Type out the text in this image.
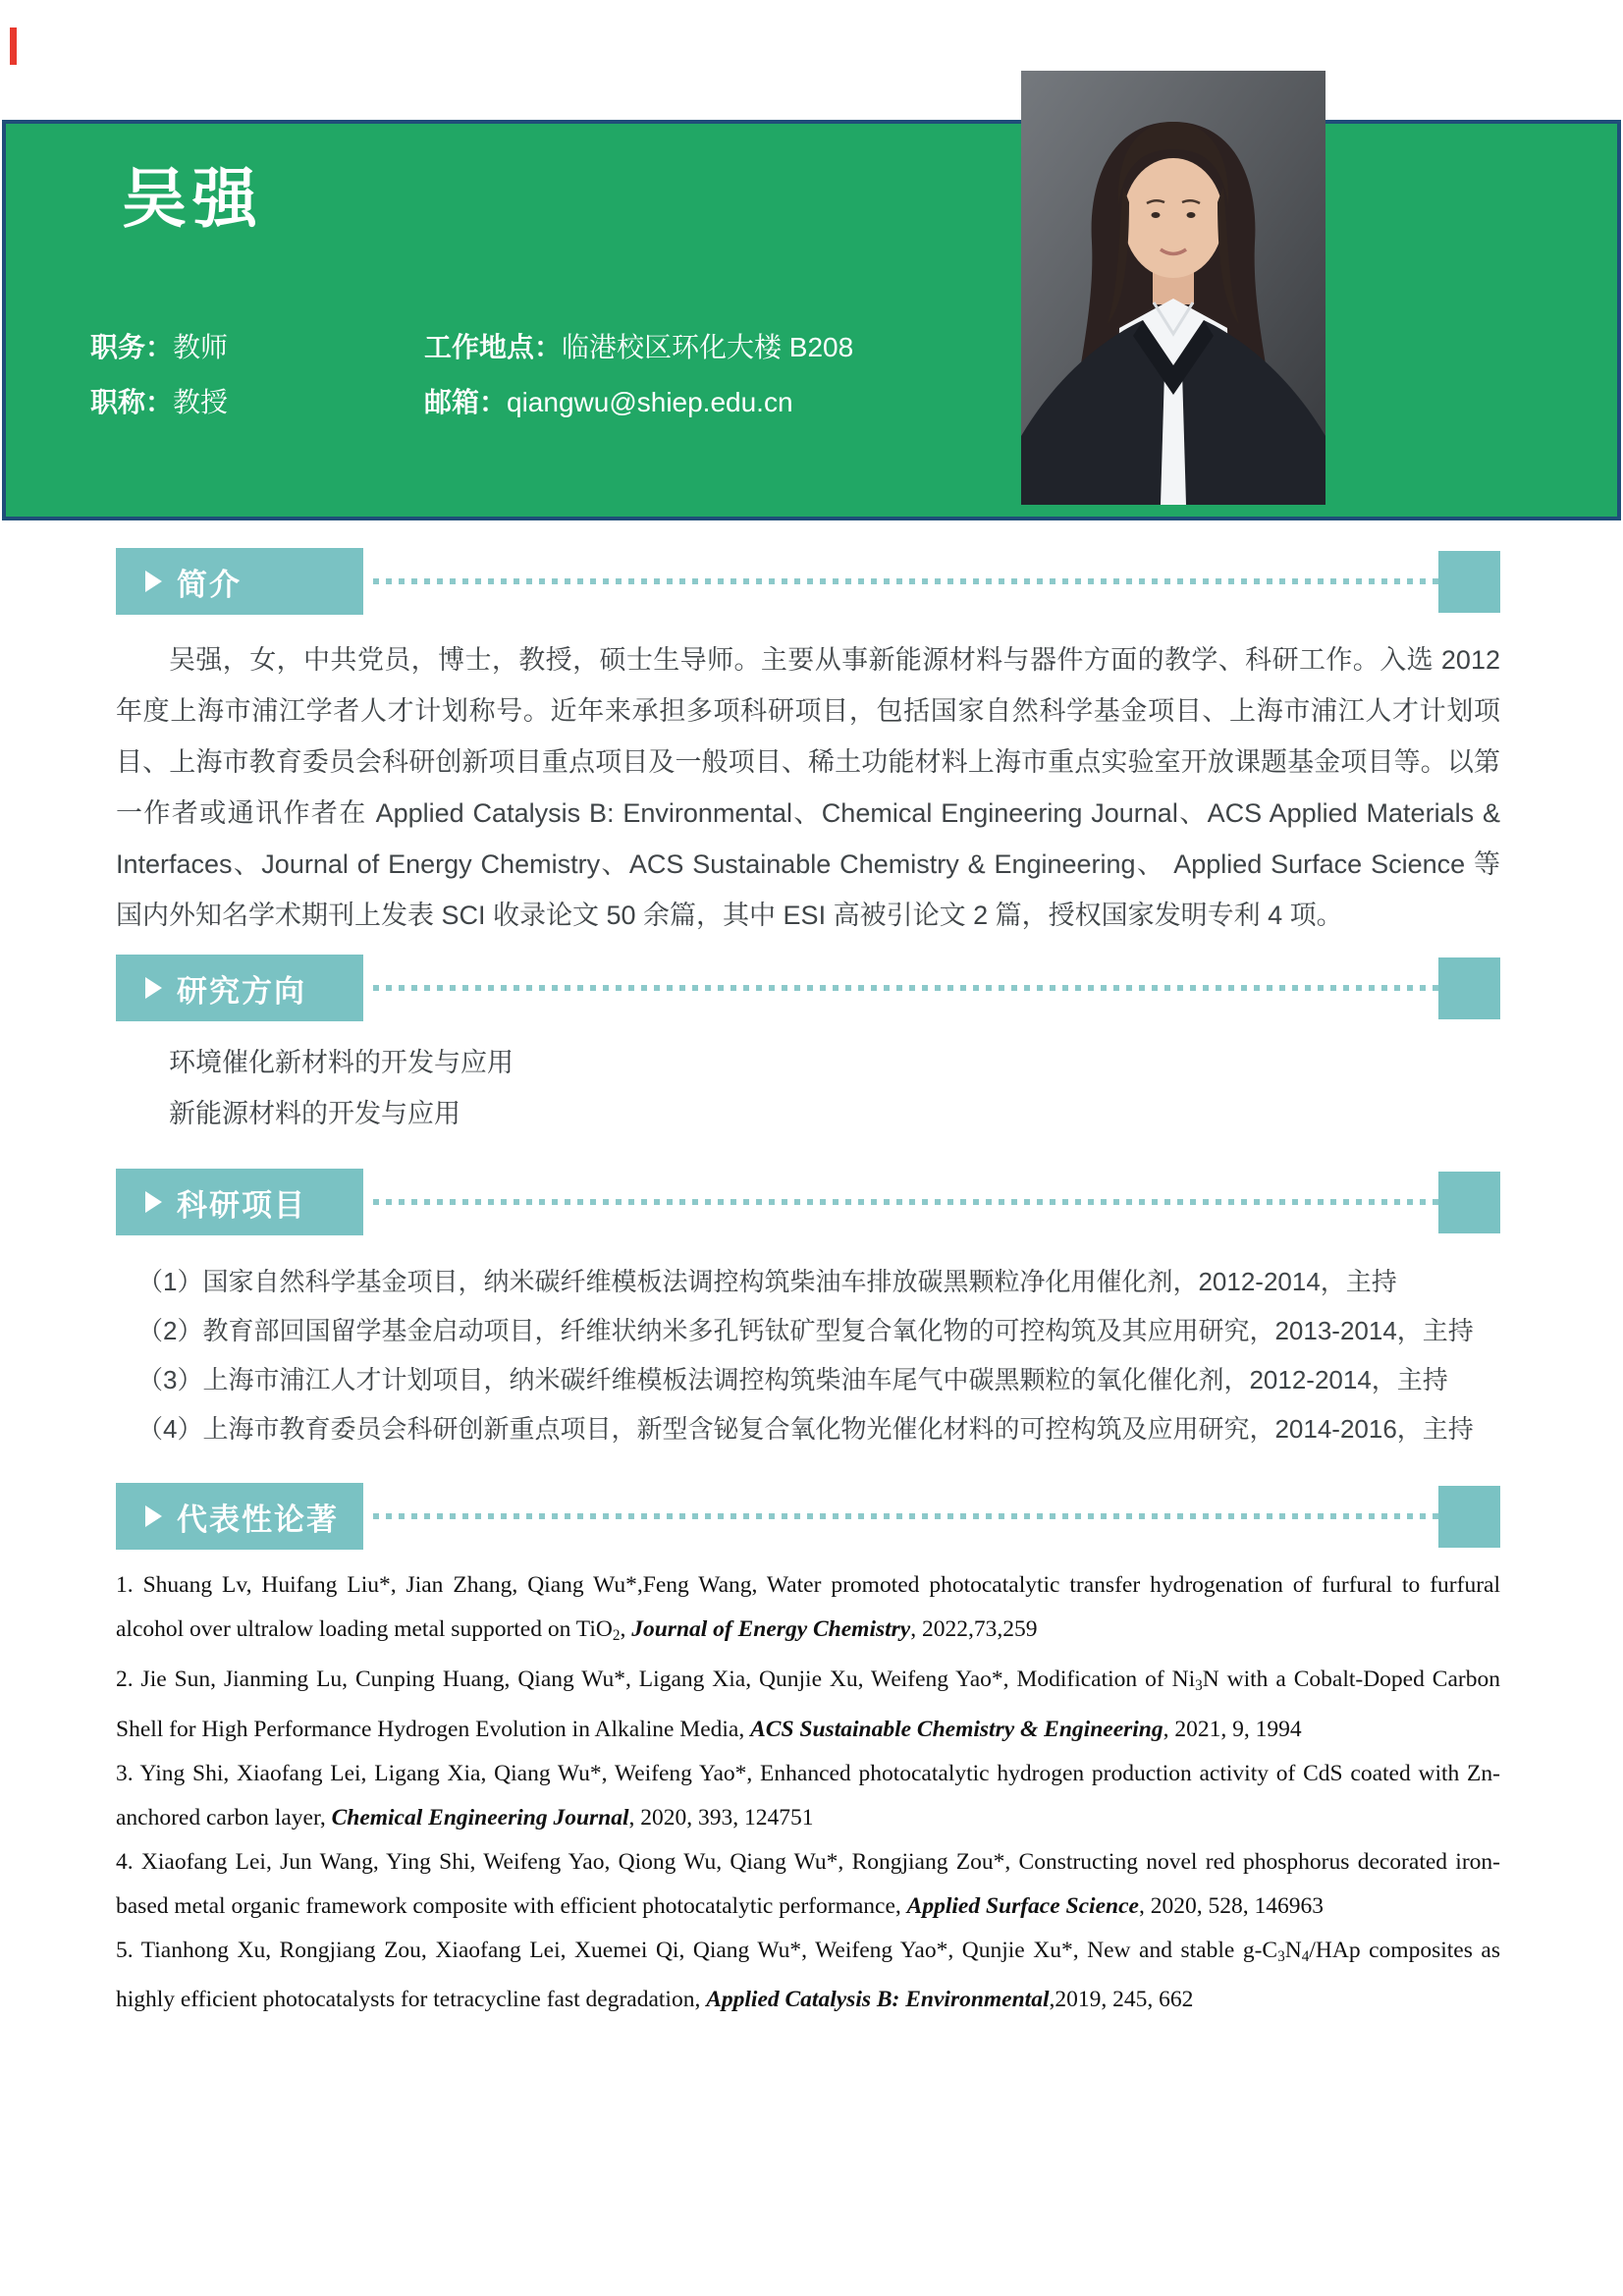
吴强
职务：教师	工作地点：临港校区环化大楼 B208
职称：教授	邮箱：qiangwu@shiep.edu.cn
简介

吴强，女，中共党员，博士，教授，硕士生导师。主要从事新能源材料与器件方面的教学、科研工作。入选 2012 年度上海市浦江学者人才计划称号。近年来承担多项科研项目，包括国家自然科学基金项目、上海市浦江人才计划项目、上海市教育委员会科研创新项目重点项目及一般项目、稀土功能材料上海市重点实验室开放课题基金项目等。以第一作者或通讯作者在 Applied Catalysis B: Environmental、Chemical Engineering Journal、ACS Applied Materials & Interfaces、Journal of Energy Chemistry、ACS Sustainable Chemistry & Engineering、 Applied Surface Science 等国内外知名学术期刊上发表 SCI 收录论文 50 余篇，其中 ESI 高被引论文 2 篇，授权国家发明专利 4 项。

研究方向
环境催化新材料的开发与应用
新能源材料的开发与应用
科研项目
（1）国家自然科学基金项目，纳米碳纤维模板法调控构筑柴油车排放碳黑颗粒净化用催化剂，2012-2014，主持
（2）教育部回国留学基金启动项目，纤维状纳米多孔钙钛矿型复合氧化物的可控构筑及其应用研究，2013-2014，主持
（3）上海市浦江人才计划项目，纳米碳纤维模板法调控构筑柴油车尾气中碳黑颗粒的氧化催化剂，2012-2014，主持
（4）上海市教育委员会科研创新重点项目，新型含铋复合氧化物光催化材料的可控构筑及应用研究，2014-2016，主持
代表性论著
1. Shuang Lv, Huifang Liu*, Jian Zhang, Qiang Wu*,Feng Wang, Water promoted photocatalytic transfer hydrogenation of furfural to furfural alcohol over ultralow loading metal supported on TiO2, Journal of Energy Chemistry, 2022,73,259
2. Jie Sun, Jianming Lu, Cunping Huang, Qiang Wu*, Ligang Xia, Qunjie Xu, Weifeng Yao*, Modification of Ni3N with a Cobalt-Doped Carbon Shell for High Performance Hydrogen Evolution in Alkaline Media, ACS Sustainable Chemistry & Engineering, 2021, 9, 1994
3. Ying Shi, Xiaofang Lei, Ligang Xia, Qiang Wu*, Weifeng Yao*, Enhanced photocatalytic hydrogen production activity of CdS coated with Zn-anchored carbon layer, Chemical Engineering Journal, 2020, 393, 124751
4. Xiaofang Lei, Jun Wang, Ying Shi, Weifeng Yao, Qiong Wu, Qiang Wu*, Rongjiang Zou*, Constructing novel red phosphorus decorated iron-based metal organic framework composite with efficient photocatalytic performance, Applied Surface Science, 2020, 528, 146963
5. Tianhong Xu, Rongjiang Zou, Xiaofang Lei, Xuemei Qi, Qiang Wu*, Weifeng Yao*, Qunjie Xu*, New and stable g-C3N4/HAp composites as highly efficient photocatalysts for tetracycline fast degradation, Applied Catalysis B: Environmental,2019, 245, 662
